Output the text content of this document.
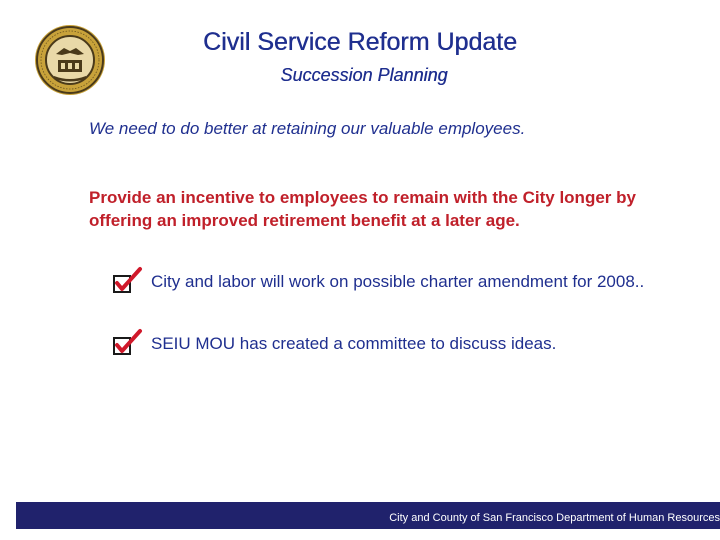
Civil Service Reform Update
Succession Planning

We need to do better at retaining our valuable employees.

Provide an incentive to employees to remain with the City longer by offering an improved retirement benefit at a later age.

City and labor will work on possible charter amendment for 2008..

SEIU MOU has created a committee to discuss ideas.

City and County of San Francisco Department of Human Resources
